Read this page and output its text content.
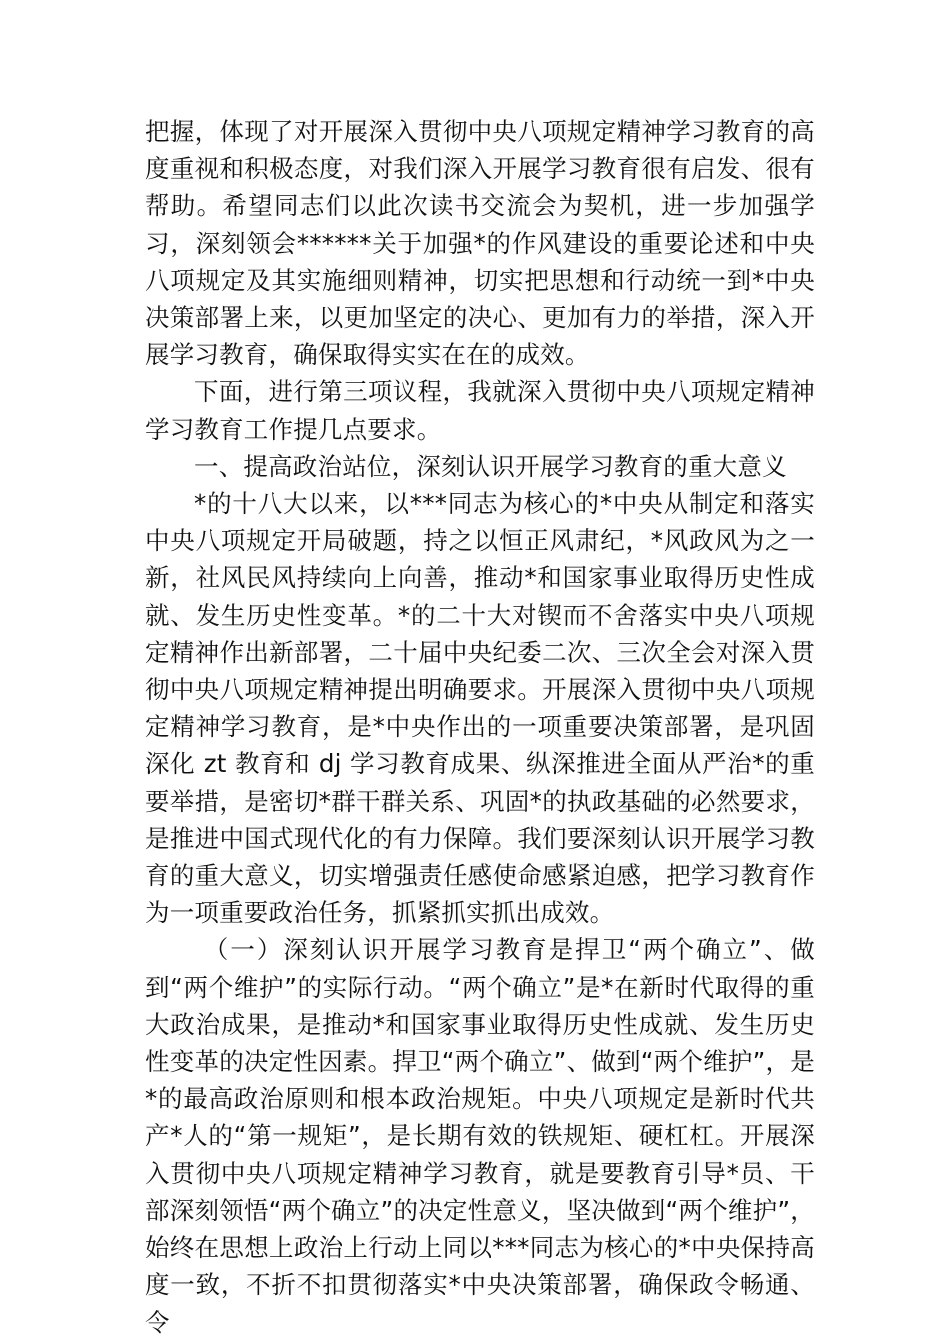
把握，体现了对开展深入贯彻中央八项规定精神学习教育的高度重视和积极态度，对我们深入开展学习教育很有启发、很有帮助。希望同志们以此次读书交流会为契机，进一步加强学习，深刻领会******关于加强*的作风建设的重要论述和中央八项规定及其实施细则精神，切实把思想和行动统一到*中央决策部署上来，以更加坚定的决心、更加有力的举措，深入开展学习教育，确保取得实实在在的成效。

下面，进行第三项议程，我就深入贯彻中央八项规定精神学习教育工作提几点要求。

一、提高政治站位，深刻认识开展学习教育的重大意义

*的十八大以来，以***同志为核心的*中央从制定和落实中央八项规定开局破题，持之以恒正风肃纪，*风政风为之一新，社风民风持续向上向善，推动*和国家事业取得历史性成就、发生历史性变革。*的二十大对锲而不舍落实中央八项规定精神作出新部署，二十届中央纪委二次、三次全会对深入贯彻中央八项规定精神提出明确要求。开展深入贯彻中央八项规定精神学习教育，是*中央作出的一项重要决策部署，是巩固深化 zt 教育和 dj 学习教育成果、纵深推进全面从严治*的重要举措，是密切*群干群关系、巩固*的执政基础的必然要求，是推进中国式现代化的有力保障。我们要深刻认识开展学习教育的重大意义，切实增强责任感使命感紧迫感，把学习教育作为一项重要政治任务，抓紧抓实抓出成效。

（一）深刻认识开展学习教育是捍卫“两个确立”、做到“两个维护”的实际行动。“两个确立”是*在新时代取得的重大政治成果，是推动*和国家事业取得历史性成就、发生历史性变革的决定性因素。捍卫“两个确立”、做到“两个维护”，是*的最高政治原则和根本政治规矩。中央八项规定是新时代共产*人的“第一规矩”，是长期有效的铁规矩、硬杠杠。开展深入贯彻中央八项规定精神学习教育，就是要教育引导*员、干部深刻领悟“两个确立”的决定性意义，坚决做到“两个维护”，始终在思想上政治上行动上同以***同志为核心的*中央保持高度一致，不折不扣贯彻落实*中央决策部署，确保政令畅通、令
